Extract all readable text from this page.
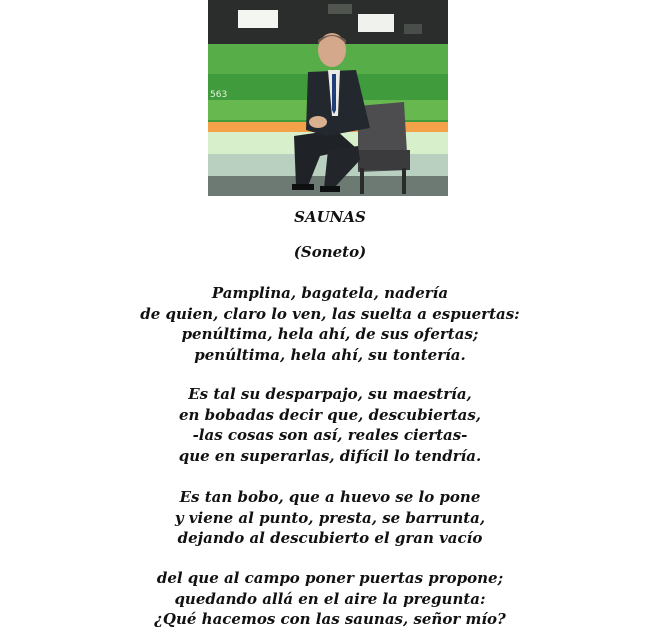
563
SAUNAS
(Soneto)
Pamplina, bagatela, nadería
de quien, claro lo ven, las suelta a espuertas:
penúltima, hela ahí, de sus ofertas;
penúltima, hela ahí, su tontería.
Es tal su desparpajo, su maestría,
en bobadas decir que, descubiertas,
-las cosas son así, reales ciertas-
que en superarlas, difícil lo tendría.
Es tan bobo, que a huevo se lo pone
y viene al punto, presta, se barrunta,
dejando al descubierto el gran vacío
del que al campo poner puertas propone;
quedando allá en el aire la pregunta:
¿Qué hacemos con las saunas, señor mío?
